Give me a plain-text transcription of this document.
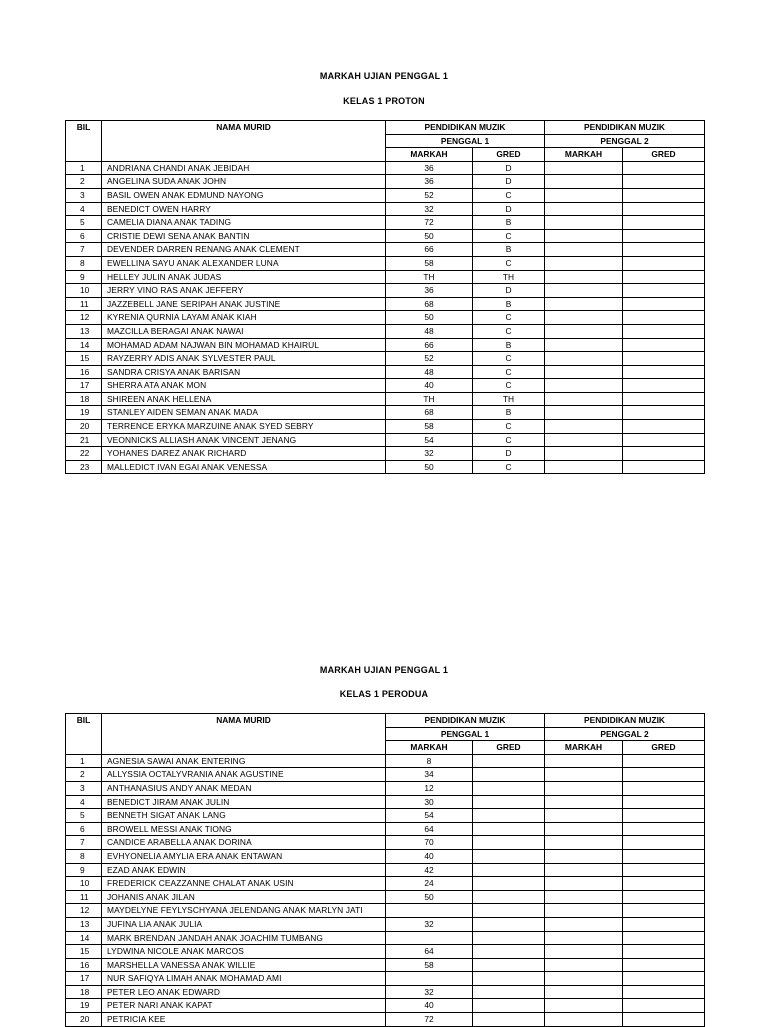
MARKAH UJIAN PENGGAL 1
KELAS 1 PROTON
BIL	NAMA MURID	PENDIDIKAN MUZIK		PENDIDIKAN MUZIK	
		PENGGAL 1		PENGGAL 2	
		MARKAH	GRED	MARKAH	GRED
1	ANDRIANA CHANDI ANAK JEBIDAH	36	D		
2	ANGELINA SUDA ANAK JOHN	36	D		
3	BASIL OWEN ANAK EDMUND NAYONG	52	C		
4	BENEDICT OWEN HARRY	32	D		
5	CAMELIA DIANA ANAK TADING	72	B		
6	CRISTIE DEWI SENA ANAK BANTIN	50	C		
7	DEVENDER DARREN RENANG ANAK CLEMENT	66	B		
8	EWELLINA SAYU ANAK ALEXANDER LUNA	58	C		
9	HELLEY JULIN ANAK JUDAS	TH	TH		
10	JERRY VINO RAS ANAK JEFFERY	36	D		
11	JAZZEBELL JANE SERIPAH ANAK JUSTINE	68	B		
12	KYRENIA QURNIA LAYAM ANAK KIAH	50	C		
13	MAZCILLA BERAGAI ANAK NAWAI	48	C		
14	MOHAMAD ADAM NAJWAN BIN MOHAMAD KHAIRUL	66	B		
15	RAYZERRY ADIS ANAK SYLVESTER PAUL	52	C		
16	SANDRA CRISYA ANAK BARISAN	48	C		
17	SHERRA ATA ANAK MON	40	C		
18	SHIREEN ANAK HELLENA	TH	TH		
19	STANLEY AIDEN SEMAN ANAK MADA	68	B		
20	TERRENCE ERYKA MARZUINE ANAK SYED SEBRY	58	C		
21	VEONNICKS ALLIASH ANAK VINCENT JENANG	54	C		
22	YOHANES DAREZ ANAK RICHARD	32	D		
23	MALLEDICT IVAN EGAI ANAK VENESSA	50	C		
MARKAH UJIAN PENGGAL 1
KELAS 1 PERODUA
BIL	NAMA MURID	PENDIDIKAN MUZIK		PENDIDIKAN MUZIK	
		PENGGAL 1		PENGGAL 2	
		MARKAH	GRED	MARKAH	GRED
1	AGNESIA SAWAI ANAK ENTERING	8			
2	ALLYSSIA OCTALYVRANIA ANAK AGUSTINE	34			
3	ANTHANASIUS ANDY ANAK MEDAN	12			
4	BENEDICT JIRAM ANAK JULIN	30			
5	BENNETH SIGAT ANAK LANG	54			
6	BROWELL MESSI ANAK TIONG	64			
7	CANDICE ARABELLA ANAK DORINA	70			
8	EVHYONELIA AMYLIA ERA ANAK ENTAWAN	40			
9	EZAD ANAK EDWIN	42			
10	FREDERICK CEAZZANNE CHALAT ANAK USIN	24			
11	JOHANIS ANAK JILAN	50			
12	MAYDELYNE FEYLYSCHYANA JELENDANG ANAK MARLYN JATI				
13	JUFINA LIA ANAK JULIA	32			
14	MARK BRENDAN JANDAH ANAK JOACHIM TUMBANG				
15	LYDWINA NICOLE ANAK MARCOS	64			
16	MARSHELLA VANESSA ANAK WILLIE	58			
17	NUR SAFIQYA LIMAH ANAK MOHAMAD AMI				
18	PETER LEO ANAK EDWARD	32			
19	PETER NARI ANAK KAPAT	40			
20	PETRICIA KEE	72			
